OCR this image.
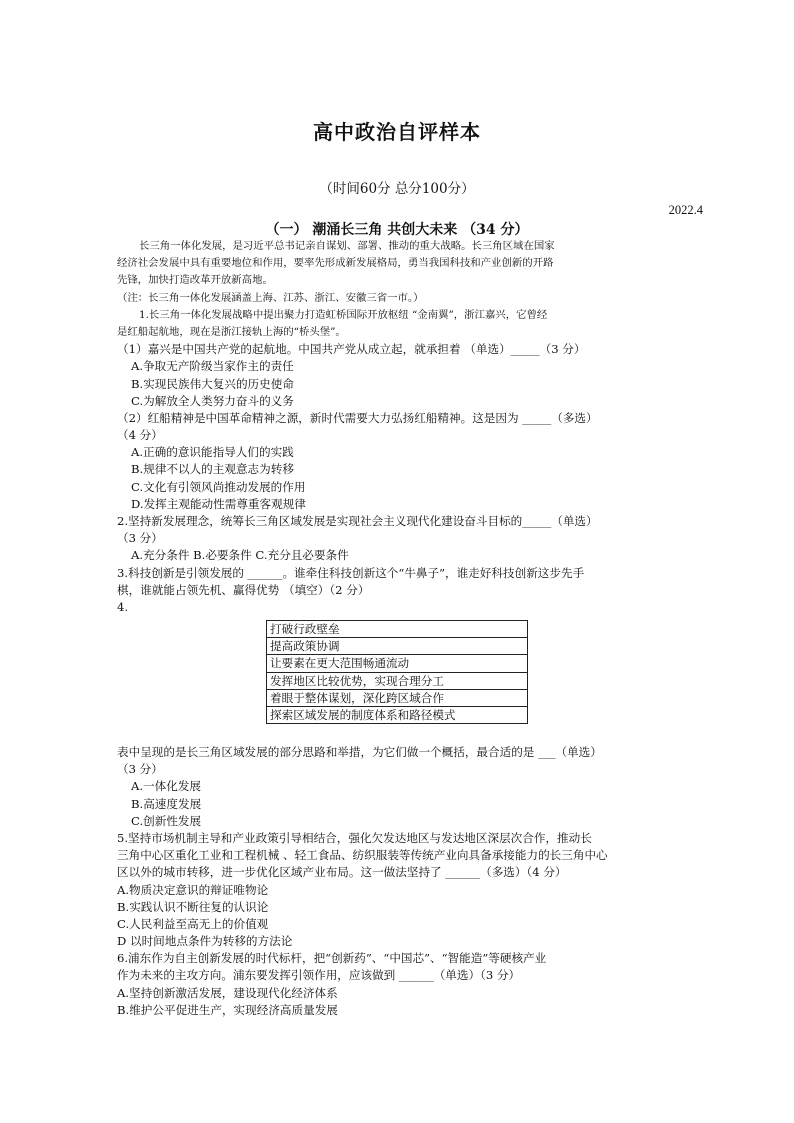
高中政治自评样本
（时间60分 总分100分）
2022.4
（一） 潮涌长三角 共创大未来 （34 分）
长三角一体化发展，是习近平总书记亲自谋划、部署、推动的重大战略。长三角区域在国家
经济社会发展中具有重要地位和作用，要率先形成新发展格局，勇当我国科技和产业创新的开路
先锋，加快打造改革开放新高地。
（注：长三角一体化发展涵盖上海、江苏、浙江、安徽三省一市。）
1.长三角一体化发展战略中提出聚力打造虹桥国际开放枢纽 “金南翼”，浙江嘉兴，它曾经
是红船起航地，现在是浙江接轨上海的“桥头堡”。
（1）嘉兴是中国共产党的起航地。中国共产党从成立起，就承担着 （单选）_____（3 分）
A.争取无产阶级当家作主的责任
B.实现民族伟大复兴的历史使命
C.为解放全人类努力奋斗的义务
（2）红船精神是中国革命精神之源，新时代需要大力弘扬红船精神。这是因为 _____（多选）
（4 分）
A.正确的意识能指导人们的实践
B.规律不以人的主观意志为转移
C.文化有引领风尚推动发展的作用
D.发挥主观能动性需尊重客观规律
2.坚持新发展理念，统筹长三角区域发展是实现社会主义现代化建设奋斗目标的_____（单选）
（3 分）
A.充分条件 B.必要条件 C.充分且必要条件
3.科技创新是引领发展的 ______。谁牵住科技创新这个“牛鼻子”，谁走好科技创新这步先手
棋，谁就能占领先机、赢得优势 （填空）（2 分）
4.
打破行政壁垒
提高政策协调
让要素在更大范围畅通流动
发挥地区比较优势，实现合理分工
着眼于整体谋划，深化跨区域合作
探索区域发展的制度体系和路径模式
表中呈现的是长三角区域发展的部分思路和举措，为它们做一个概括，最合适的是 ___（单选）
（3 分）
A.一体化发展
B.高速度发展
C.创新性发展
5.坚持市场机制主导和产业政策引导相结合，强化欠发达地区与发达地区深层次合作，推动长
三角中心区重化工业和工程机械 、轻工食品、纺织服装等传统产业向具备承接能力的长三角中心
区以外的城市转移，进一步优化区域产业布局。这一做法坚持了 ______（多选）（4 分）
A.物质决定意识的辩证唯物论
B.实践认识不断往复的认识论
C.人民利益至高无上的价值观
D 以时间地点条件为转移的方法论
6.浦东作为自主创新发展的时代标杆，把“创新药”、“中国芯”、“智能造”等硬核产业
作为未来的主攻方向。浦东要发挥引领作用，应该做到 ______（单选）（3 分）
A.坚持创新激活发展，建设现代化经济体系
B.维护公平促进生产，实现经济高质量发展
